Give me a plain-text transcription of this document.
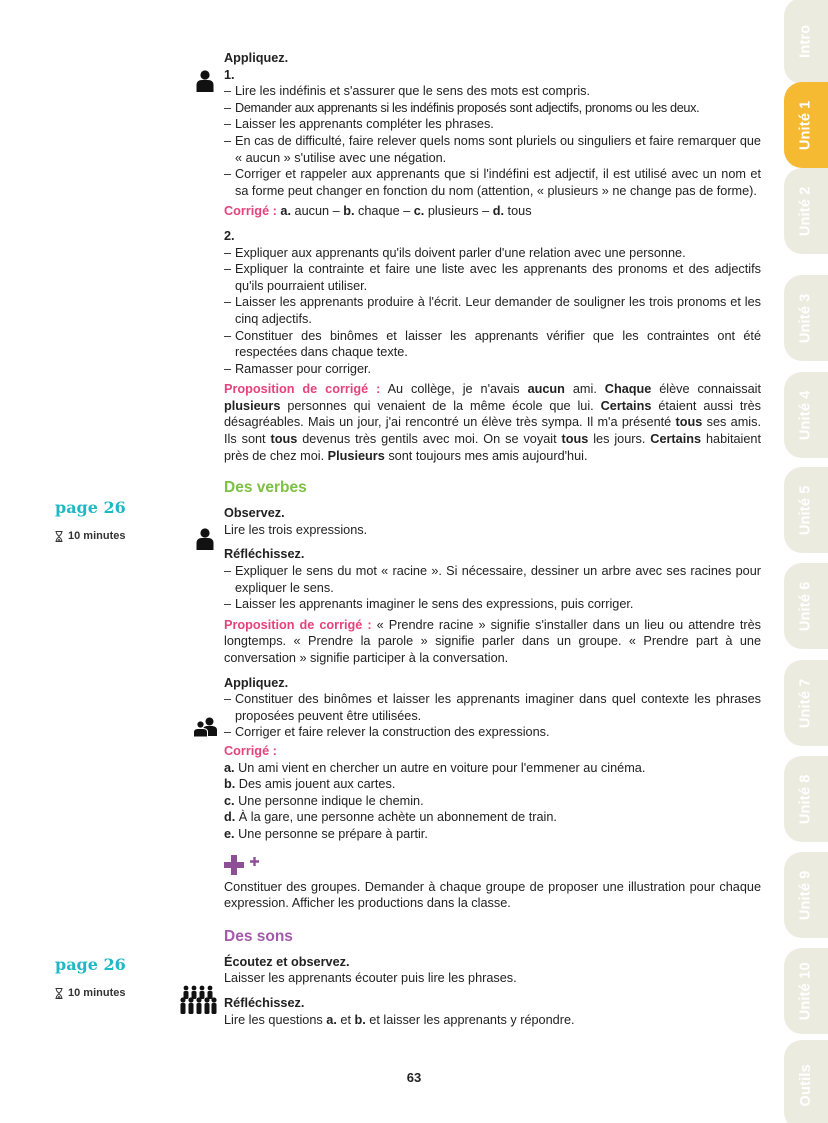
Intro
Unité 1
Unité 2
Unité 3
Unité 4
Unité 5
Unité 6
Unité 7
Unité 8
Unité 9
Unité 10
Outils
page 26
10 minutes
page 26
10 minutes
Appliquez.
1.
– Lire les indéfinis et s'assurer que le sens des mots est compris.
– Demander aux apprenants si les indéfinis proposés sont adjectifs, pronoms ou les deux.
– Laisser les apprenants compléter les phrases.
– En cas de difficulté, faire relever quels noms sont pluriels ou singuliers et faire remarquer que « aucun » s'utilise avec une négation.
– Corriger et rappeler aux apprenants que si l'indéfini est adjectif, il est utilisé avec un nom et sa forme peut changer en fonction du nom (attention, « plusieurs » ne change pas de forme).
Corrigé : a. aucun – b. chaque – c. plusieurs – d. tous
2.
– Expliquer aux apprenants qu'ils doivent parler d'une relation avec une personne.
– Expliquer la contrainte et faire une liste avec les apprenants des pronoms et des adjectifs qu'ils pourraient utiliser.
– Laisser les apprenants produire à l'écrit. Leur demander de souligner les trois pronoms et les cinq adjectifs.
– Constituer des binômes et laisser les apprenants vérifier que les contraintes ont été respectées dans chaque texte.
– Ramasser pour corriger.
Proposition de corrigé : Au collège, je n'avais aucun ami. Chaque élève connaissait plusieurs personnes qui venaient de la même école que lui. Certains étaient aussi très désagréables. Mais un jour, j'ai rencontré un élève très sympa. Il m'a présenté tous ses amis. Ils sont tous devenus très gentils avec moi. On se voyait tous les jours. Certains habitaient près de chez moi. Plusieurs sont toujours mes amis aujourd'hui.
Des verbes
Observez.
Lire les trois expressions.
Réfléchissez.
– Expliquer le sens du mot « racine ». Si nécessaire, dessiner un arbre avec ses racines pour expliquer le sens.
– Laisser les apprenants imaginer le sens des expressions, puis corriger.
Proposition de corrigé : « Prendre racine » signifie s'installer dans un lieu ou attendre très longtemps. « Prendre la parole » signifie parler dans un groupe. « Prendre part à une conversation » signifie participer à la conversation.
Appliquez.
– Constituer des binômes et laisser les apprenants imaginer dans quel contexte les phrases proposées peuvent être utilisées.
– Corriger et faire relever la construction des expressions.
Corrigé :
a. Un ami vient en chercher un autre en voiture pour l'emmener au cinéma.
b. Des amis jouent aux cartes.
c. Une personne indique le chemin.
d. À la gare, une personne achète un abonnement de train.
e. Une personne se prépare à partir.

Constituer des groupes. Demander à chaque groupe de proposer une illustration pour chaque expression. Afficher les productions dans la classe.

Des sons
Écoutez et observez.
Laisser les apprenants écouter puis lire les phrases.
Réfléchissez.
Lire les questions a. et b. et laisser les apprenants y répondre.
63
